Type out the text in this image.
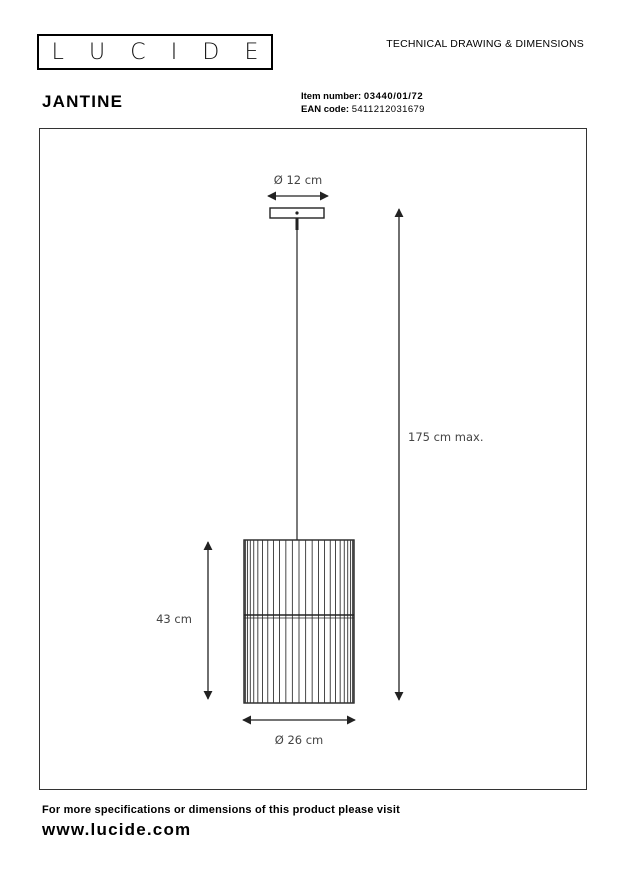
L U C I D E	TECHNICAL DRAWING & DIMENSIONS
JANTINE	Item number: 03440/01/72
EAN code: 5411212031679
Ø 12 cm
175 cm max.
43 cm
Ø 26 cm
For more specifications or dimensions of this product please visit
www.lucide.com
